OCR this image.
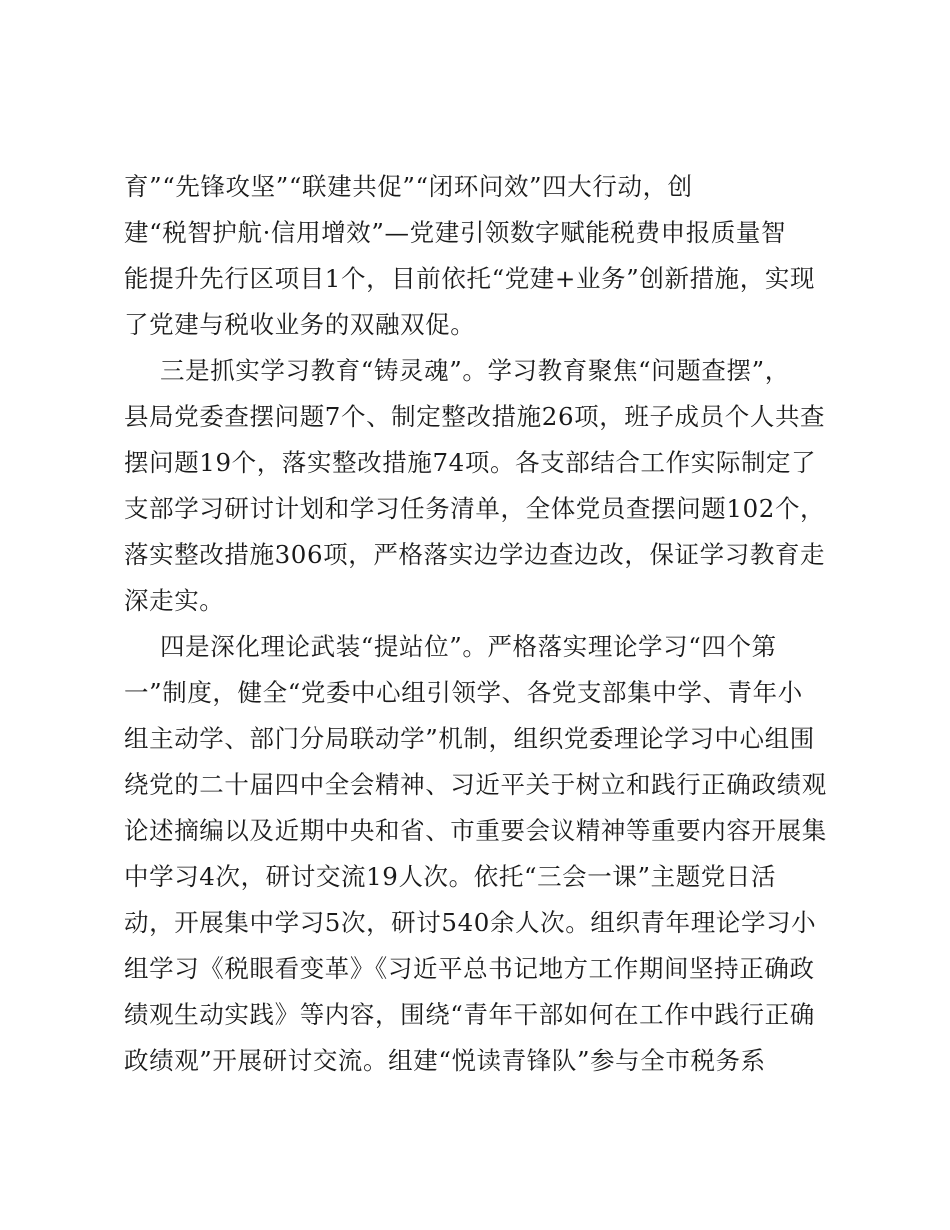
育”“先锋攻坚”“联建共促”“闭环问效”四大行动，创
建“税智护航·信用增效”—党建引领数字赋能税费申报质量智
能提升先行区项目1个，目前依托“党建+业务”创新措施，实现
了党建与税收业务的双融双促。
三是抓实学习教育“铸灵魂”。学习教育聚焦“问题查摆”，
县局党委查摆问题7个、制定整改措施26项，班子成员个人共查
摆问题19个，落实整改措施74项。各支部结合工作实际制定了
支部学习研讨计划和学习任务清单，全体党员查摆问题102个，
落实整改措施306项，严格落实边学边查边改，保证学习教育走
深走实。
四是深化理论武装“提站位”。严格落实理论学习“四个第
一”制度，健全“党委中心组引领学、各党支部集中学、青年小
组主动学、部门分局联动学”机制，组织党委理论学习中心组围
绕党的二十届四中全会精神、习近平关于树立和践行正确政绩观
论述摘编以及近期中央和省、市重要会议精神等重要内容开展集
中学习4次，研讨交流19人次。依托“三会一课”主题党日活
动，开展集中学习5次，研讨540余人次。组织青年理论学习小
组学习《税眼看变革》《习近平总书记地方工作期间坚持正确政
绩观生动实践》等内容，围绕“青年干部如何在工作中践行正确
政绩观”开展研讨交流。组建“悦读青锋队”参与全市税务系
